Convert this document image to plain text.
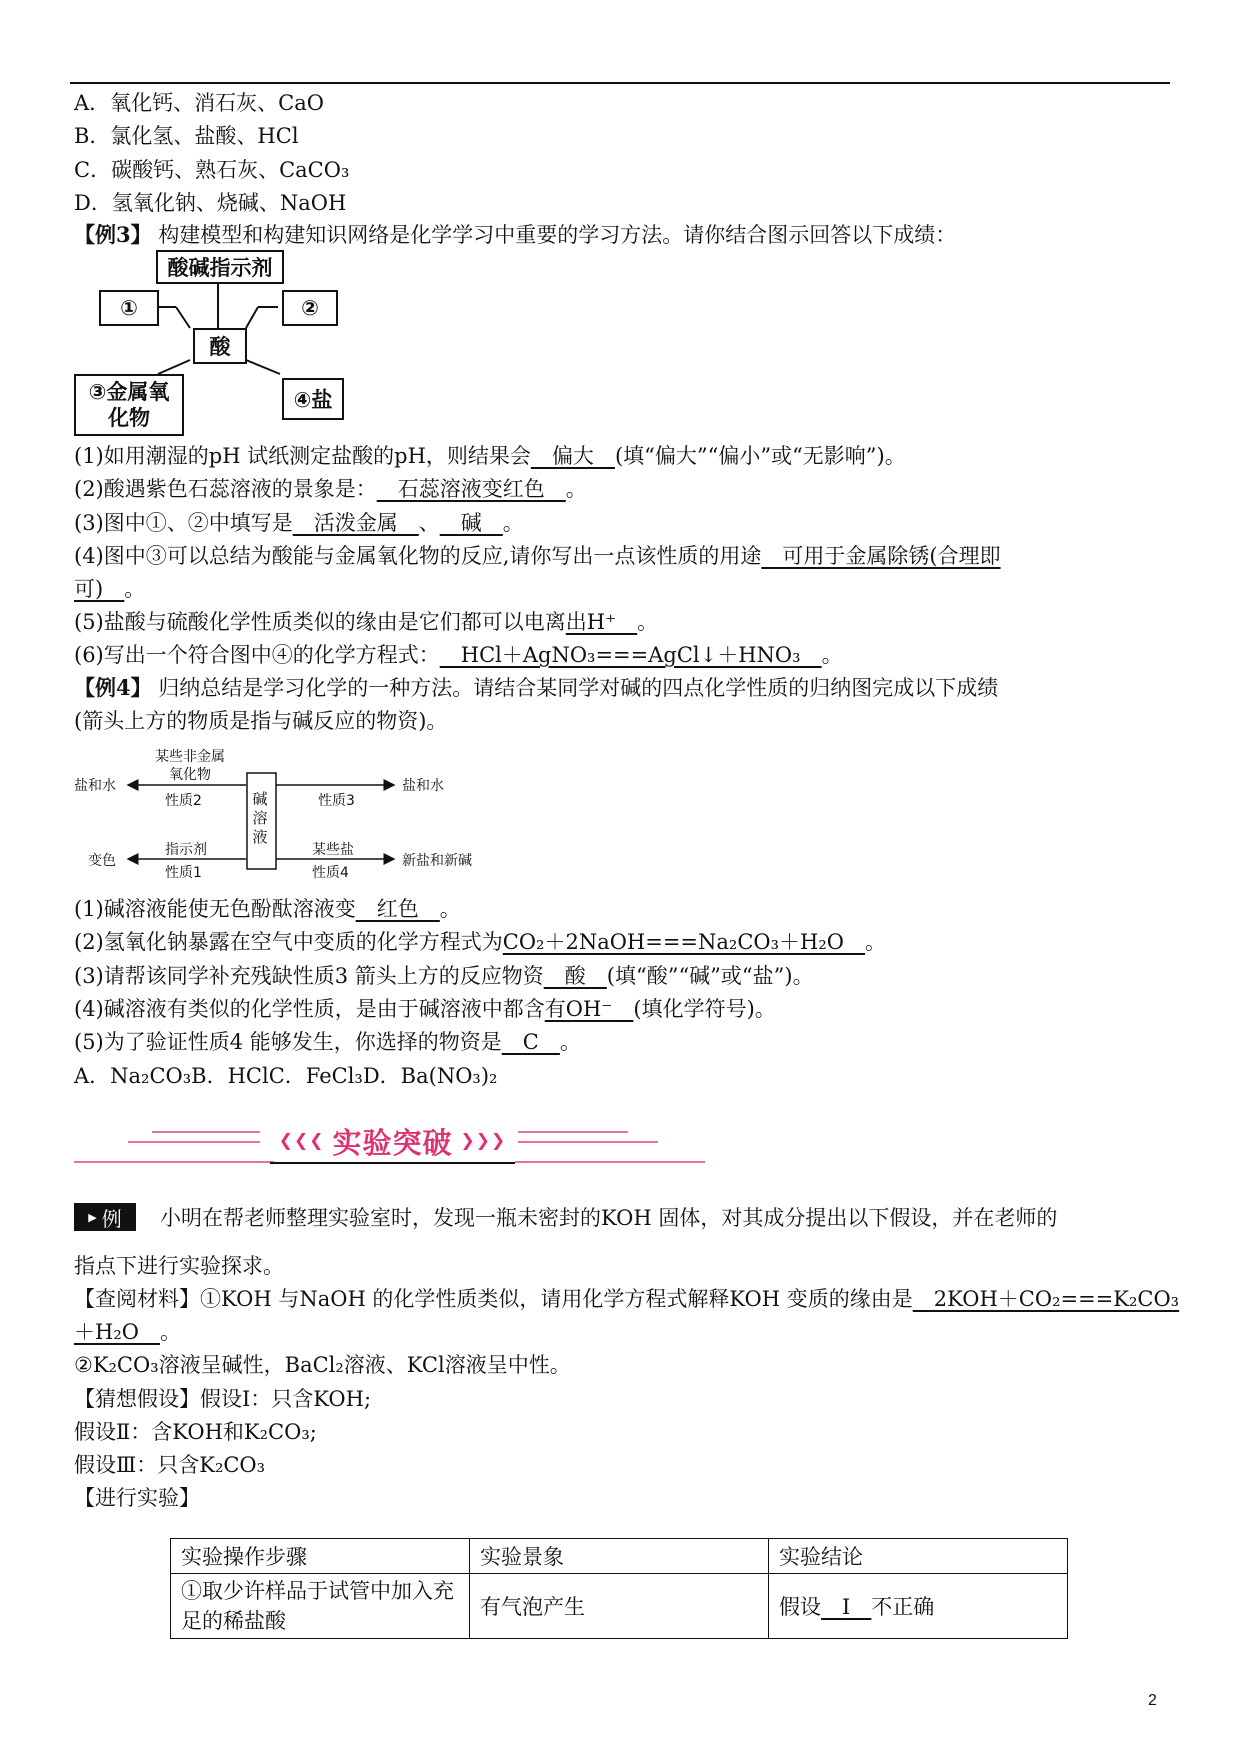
A．氧化钙、消石灰、CaO
B．氯化氢、盐酸、HCl
C．碳酸钙、熟石灰、CaCO₃
D．氢氧化钠、烧碱、NaOH
【例3】 构建模型和构建知识网络是化学学习中重要的学习方法。请你结合图示回答以下成绩：
酸碱指示剂
①	②
酸
③金属氧化物
④盐
(1)如用潮湿的pH 试纸测定盐酸的pH，则结果会__偏大__(填“偏大”“偏小”或“无影响”)。
(2)酸遇紫色石蕊溶液的景象是：__石蕊溶液变红色__。
(3)图中①、②中填写是__活泼金属__、__碱__。
(4)图中③可以总结为酸能与金属氧化物的反应,请你写出一点该性质的用途__可用于金属除锈(合理即
可)__。
(5)盐酸与硫酸化学性质类似的缘由是它们都可以电离出H⁺__。
(6)写出一个符合图中④的化学方程式：__HCl＋AgNO₃===AgCl↓＋HNO₃__。
【例4】 归纳总结是学习化学的一种方法。请结合某同学对碱的四点化学性质的归纳图完成以下成绩
(箭头上方的物质是指与碱反应的物资)。
碱溶液
某些非金属氧化物
性质2
盐和水
性质3
盐和水
指示剂
性质1
变色
某些盐
性质4
新盐和新碱
(1)碱溶液能使无色酚酞溶液变__红色__。
(2)氢氧化钠暴露在空气中变质的化学方程式为CO₂＋2NaOH===Na₂CO₃＋H₂O__。
(3)请帮该同学补充残缺性质3 箭头上方的反应物资__酸__(填“酸”“碱”或“盐”)。
(4)碱溶液有类似的化学性质，是由于碱溶液中都含有OH⁻__(填化学符号)。
(5)为了验证性质4 能够发生，你选择的物资是__C__。
A．Na₂CO₃B．HClC．FeCl₃D．Ba(NO₃)₂
❮❮❮ 实验突破 ❯❯❯
▶ 例 小明在帮老师整理实验室时，发现一瓶未密封的KOH 固体，对其成分提出以下假设，并在老师的
指点下进行实验探求。
【查阅材料】①KOH 与NaOH 的化学性质类似，请用化学方程式解释KOH 变质的缘由是__2KOH＋CO₂===K₂CO₃
＋H₂O__。
②K₂CO₃溶液呈碱性，BaCl₂溶液、KCl溶液呈中性。
【猜想假设】假设Ⅰ：只含KOH;
假设Ⅱ：含KOH和K₂CO₃;
假设Ⅲ：只含K₂CO₃
【进行实验】
实验操作步骤	实验景象	实验结论
①取少许样品于试管中加入充足的稀盐酸	有气泡产生	假设__Ⅰ__不正确
2
